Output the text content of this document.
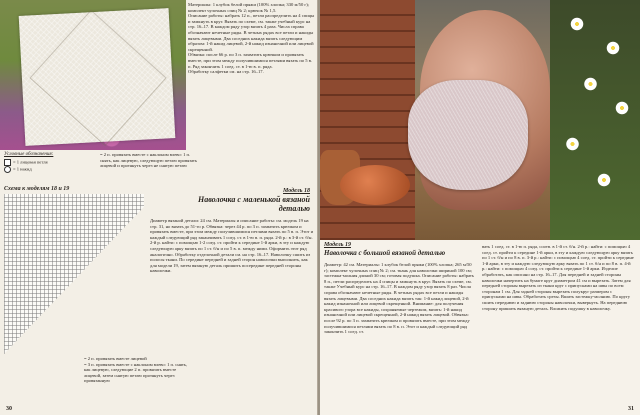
Материалы: 1 клубок белой пряжи (100% хлопка; 330 м/50 г); комплект чулочных спиц № 2; крючок № 1,5.

Описание работы: набрать 12 п., петли распределить на 4 спицы и замкнуть в круг. Вязать по схеме, см. также учебный курс на стр. 16–17. В каждом ряду узор вязать 4 раза. Числа справа обозначают нечетные ряды. В четных рядах все петли и накиды вязать лицевыми. Два соседних накида вязать следующим образом: 1-й накид лицевой, 2-й накид изнаночной или лицевой скрещенной.

Обвязка: после 66 р. по 3 п. захватить крючком и провязать вместе, при этом между получившимися петлями вязать по 5 в. п. Ряд закончить 1 соед. ст. в 1-ю в. п. ряда.

Обработку салфетки см. на стр. 16–17.

Условные обозначения:

= 1 лицевая петля

= 1 накид

= 2 п. провязать вместе с наклоном влево: 1 п. снять, как лицевую, следующую петлю провязать лицевой и протянуть через не снятую петлю

Схема к моделям 18 и 19

= 2 п. провязать вместе лицевой

= 3 п. провязать вместе с наклоном влево: 1 п. снять, как лицевую, следующие 2 п. провязать вместе лицевой, затем снятую петлю протянуть через провязанную

Модель 18

Наволочка с маленькой вязаной деталью

Диаметр вязаной детали: 24 см. Материалы и описание работы: см. модель 19 на стр. 31, но вязать до 51-го р. Обвязка: через 44 р. по 3 п. захватить крючком и провязать вместе, при этом между получившимися петлями вязать по 5 в. п. Этот и каждый следующий ряд заканчивать 1 соед. ст. в 1-ю в. п. ряда. 2-й р.: в 3-й ст. б/н. 2-й р. найти: с помощью 1-2 соед. ст. пройти к середине 1-й арки, в эту и каждую следующую арку вязать по 1 ст. б/н и по 5 в. п. между ними. Оформить этот ряд аналогично. Обработку отделочной детали см. на стр. 16–17. Наволочку сшить из полосы ткани. По середине передней и задней сторон наволочки выполнить, как для модели 19, затем вязаную деталь пришить посередине передней стороны наволочки.

30

Модель 19

Наволочка с большой вязаной деталью

Диаметр: 42 см. Материалы: 1 клубок белой пряжи (100% хлопка; 265 м/50 г); комплект чулочных спиц № 2; см. ткань для наволочки шириной 100 см; застежка-молния длиной 30 см; готовая подушка. Описание работы: набрать 8 п., петли распределить на 4 спицы и замкнуть в круг. Вязать по схеме, см. также Учебный курс на стр. 16–17. В каждом ряду узор вязать 8 раз. Числа справа обозначают нечетные ряды. В четных рядах все петли и накиды вязать лицевыми. Два соседних накида вязать так: 1-й накид лицевой, 2-й накид изнаночной или лицевой скрещенной. Внимание: для получения красивого узора все накиды, сохраняемые чертежом, вязать: 1-й накид изнаночной или лицевой скрещенной, 2-й накид вязать лицевой. Обвязка: после 92 р. по 3 п. захватить крючком и провязать вместе, при этом между получившимися петлями вязать по 8 в. п. Этот и каждый следующий ряд закончить 1 соед. ст.

вать 1 соед. ст. в 1-ю п. ряда, соотв. в 1-й ст. б/н. 2-й р.: найти: с помощью 4 соед. ст. пройти к середине 1-й арки, в эту и каждую следующую арку вязать по 1 ст. б/н и по 8 в. п. 3-й р.: найти: с помощью 4 соед. ст. пройти к середине 1-й арки, в эту и каждую следующую арку вязать по 1 ст. б/н и по 8 в. п. 4-й р.: найти: с помощью 4 соед. ст. пройти к середине 1-й арки. Изделие обработать, как описано на стр. 16–17. Для передней и задней стороны наволочки начертить на бумаге круг диаметром 41 см и вырезать. Затем для передней стороны вырезать из ткани круг с припусками на швы по всем сторонам 1 см. Для задней стороны вырезать полукруг размером с припусками на швы. Обработать срезы. Вшить застежку-молнию. По кругу сшить переднюю и заднюю стороны наволочки, вывернуть. На переднюю сторону пришить вязаную деталь. Вложить подушку в наволочку.

31
